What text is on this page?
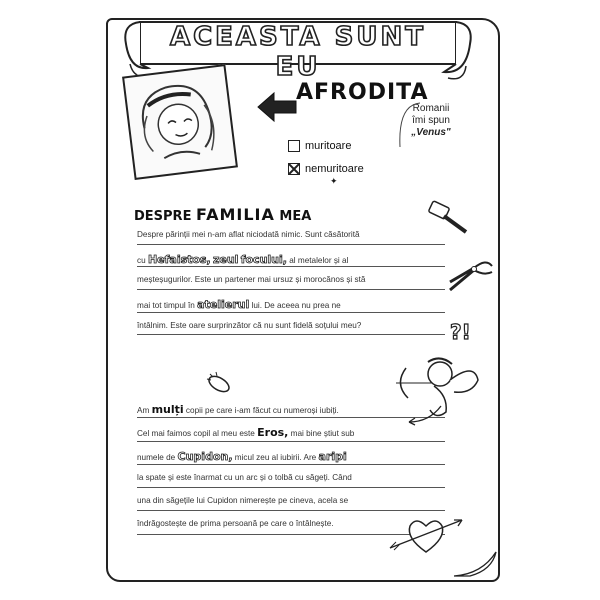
ACEASTA SUNT EU
AFRODITA
Romanii
îmi spun
„Venus"
muritoare
nemuritoare
✦
DESPRE FAMILIA MEA
Despre părinții mei n-am aflat niciodată nimic. Sunt căsătorită
cu Hefaistos, zeul focului, al metalelor și al
meșteșugurilor. Este un partener mai ursuz și morocănos și stă
mai tot timpul în atelierul lui. De aceea nu prea ne
întâlnim. Este oare surprinzător că nu sunt fidelă soțului meu?
Am mulți copii pe care i-am făcut cu numeroși iubiți.
Cel mai faimos copil al meu este Eros, mai bine știut sub
numele de Cupidon, micul zeu al iubirii. Are aripi
la spate și este înarmat cu un arc și o tolbă cu săgeți. Când
una din săgețile lui Cupidon nimerește pe cineva, acela se
îndrăgostește de prima persoană pe care o întâlnește.
?!
